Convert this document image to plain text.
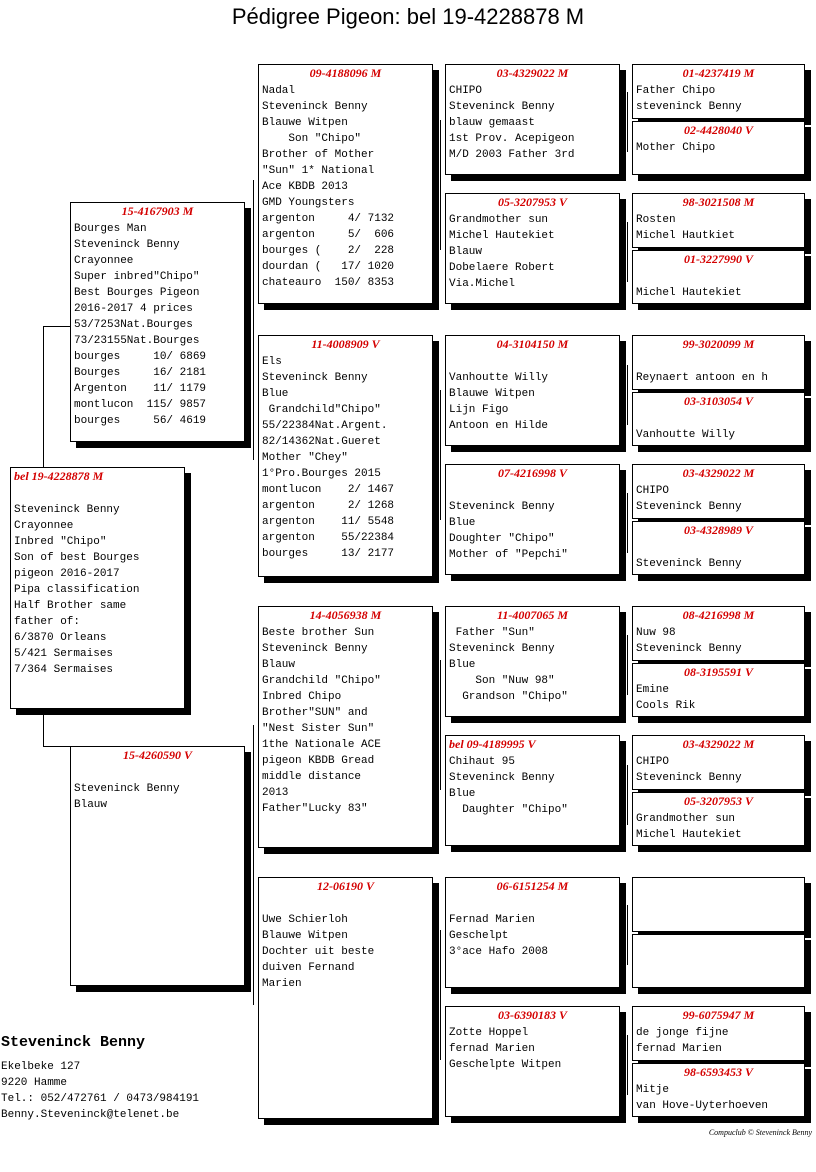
Pédigree Pigeon: bel 19-4228878 M
bel 19-4228878 M

Steveninck Benny
Crayonnee
Inbred "Chipo"
Son of best Bourges
pigeon 2016-2017
Pipa classification
Half Brother same
father of:
6/3870 Orleans
5/421 Sermaises
7/364 Sermaises
15-4167903 M
Bourges Man
Steveninck Benny
Crayonnee
Super inbred"Chipo"
Best Bourges Pigeon
2016-2017 4 prices
53/7253Nat.Bourges
73/23155Nat.Bourges
bourges     10/ 6869
Bourges     16/ 2181
Argenton    11/ 1179
montlucon  115/ 9857
bourges     56/ 4619
15-4260590 V

Steveninck Benny
Blauw
09-4188096 M
Nadal
Steveninck Benny
Blauwe Witpen
Son "Chipo"
Brother of Mother
"Sun" 1* National
Ace KBDB 2013
GMD Youngsters
argenton     4/ 7132
argenton     5/  606
bourges (    2/  228
dourdan (   17/ 1020
chateauro  150/ 8353
11-4008909 V
Els
Steveninck Benny
Blue
Grandchild"Chipo"
55/22384Nat.Argent.
82/14362Nat.Gueret
Mother "Chey"
1°Pro.Bourges 2015
montlucon    2/ 1467
argenton     2/ 1268
argenton    11/ 5548
argenton    55/22384
bourges     13/ 2177
14-4056938 M
Beste brother Sun
Steveninck Benny
Blauw
Grandchild "Chipo"
Inbred Chipo
Brother"SUN" and
"Nest Sister Sun"
1the Nationale ACE
pigeon KBDB Gread
middle distance
2013
Father"Lucky 83"
12-06190 V

Uwe Schierloh
Blauwe Witpen
Dochter uit beste
duiven Fernand
Marien
03-4329022 M
CHIPO
Steveninck Benny
blauw gemaast
1st Prov. Acepigeon
M/D 2003 Father 3rd
05-3207953 V
Grandmother sun
Michel Hautekiet
Blauw
Dobelaere Robert
Via.Michel
04-3104150 M

Vanhoutte Willy
Blauwe Witpen
Lijn Figo
Antoon en Hilde
07-4216998 V

Steveninck Benny
Blue
Doughter "Chipo"
Mother of "Pepchi"
11-4007065 M
Father "Sun"
Steveninck Benny
Blue
Son "Nuw 98"
Grandson "Chipo"
bel 09-4189995 V
Chihaut 95
Steveninck Benny
Blue
Daughter "Chipo"
06-6151254 M

Fernad Marien
Geschelpt
3°ace Hafo 2008
03-6390183 V
Zotte Hoppel
fernad Marien
Geschelpte Witpen
01-4237419 M
Father Chipo
steveninck Benny
02-4428040 V
Mother Chipo
98-3021508 M
Rosten
Michel Hautkiet
01-3227990 V

Michel Hautekiet
99-3020099 M

Reynaert antoon en h
03-3103054 V

Vanhoutte Willy
03-4329022 M
CHIPO
Steveninck Benny
03-4328989 V

Steveninck Benny
08-4216998 M
Nuw 98
Steveninck Benny
08-3195591 V
Emine
Cools Rik
03-4329022 M
CHIPO
Steveninck Benny
05-3207953 V
Grandmother sun
Michel Hautekiet
99-6075947 M
de jonge fijne
fernad Marien
98-6593453 V
Mitje
van Hove-Uyterhoeven
Steveninck Benny
Ekelbeke 127
9220 Hamme
Tel.: 052/472761 / 0473/984191
Benny.Steveninck@telenet.be
Compuclub © Steveninck Benny
